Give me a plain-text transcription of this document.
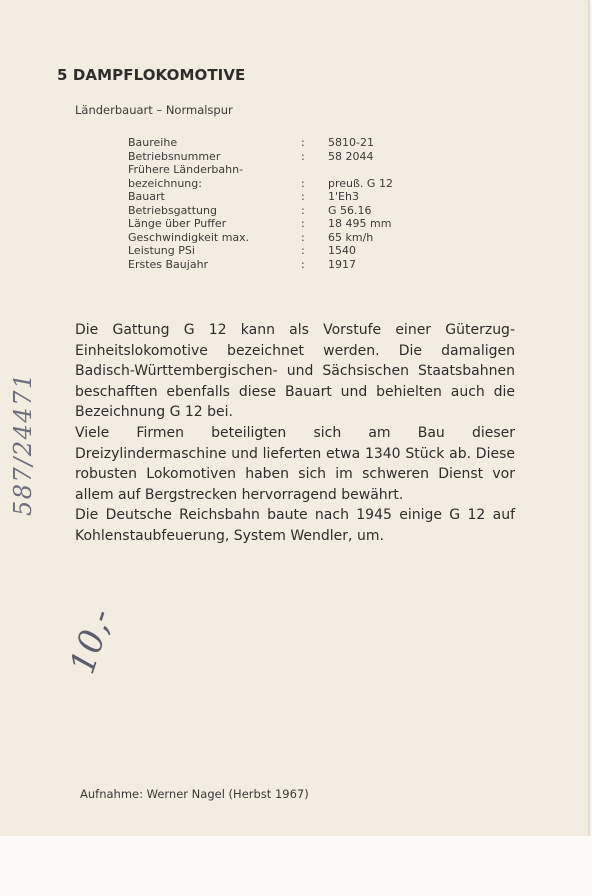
5 DAMPFLOKOMOTIVE
Länderbauart – Normalspur
Baureihe	: 5810-21
Betriebsnummer	: 58 2044
Frühere Länderbahn-
bezeichnung:	: preuß. G 12
Bauart	: 1'Eh3
Betriebsgattung	: G 56.16
Länge über Puffer	: 18 495 mm
Geschwindigkeit max.	: 65 km/h
Leistung PSi	: 1540
Erstes Baujahr	: 1917

Die Gattung G 12 kann als Vorstufe einer Güterzug-Einheitslokomotive bezeichnet werden. Die damaligen Badisch-Württembergischen- und Sächsischen Staatsbahnen beschafften ebenfalls diese Bauart und behielten auch die Bezeichnung G 12 bei.

Viele Firmen beteiligten sich am Bau dieser Dreizylindermaschine und lieferten etwa 1340 Stück ab. Diese robusten Lokomotiven haben sich im schweren Dienst vor allem auf Bergstrecken hervorragend bewährt.

Die Deutsche Reichsbahn baute nach 1945 einige G 12 auf Kohlenstaubfeuerung, System Wendler, um.

Aufnahme: Werner Nagel (Herbst 1967)
587/24471
10,-
